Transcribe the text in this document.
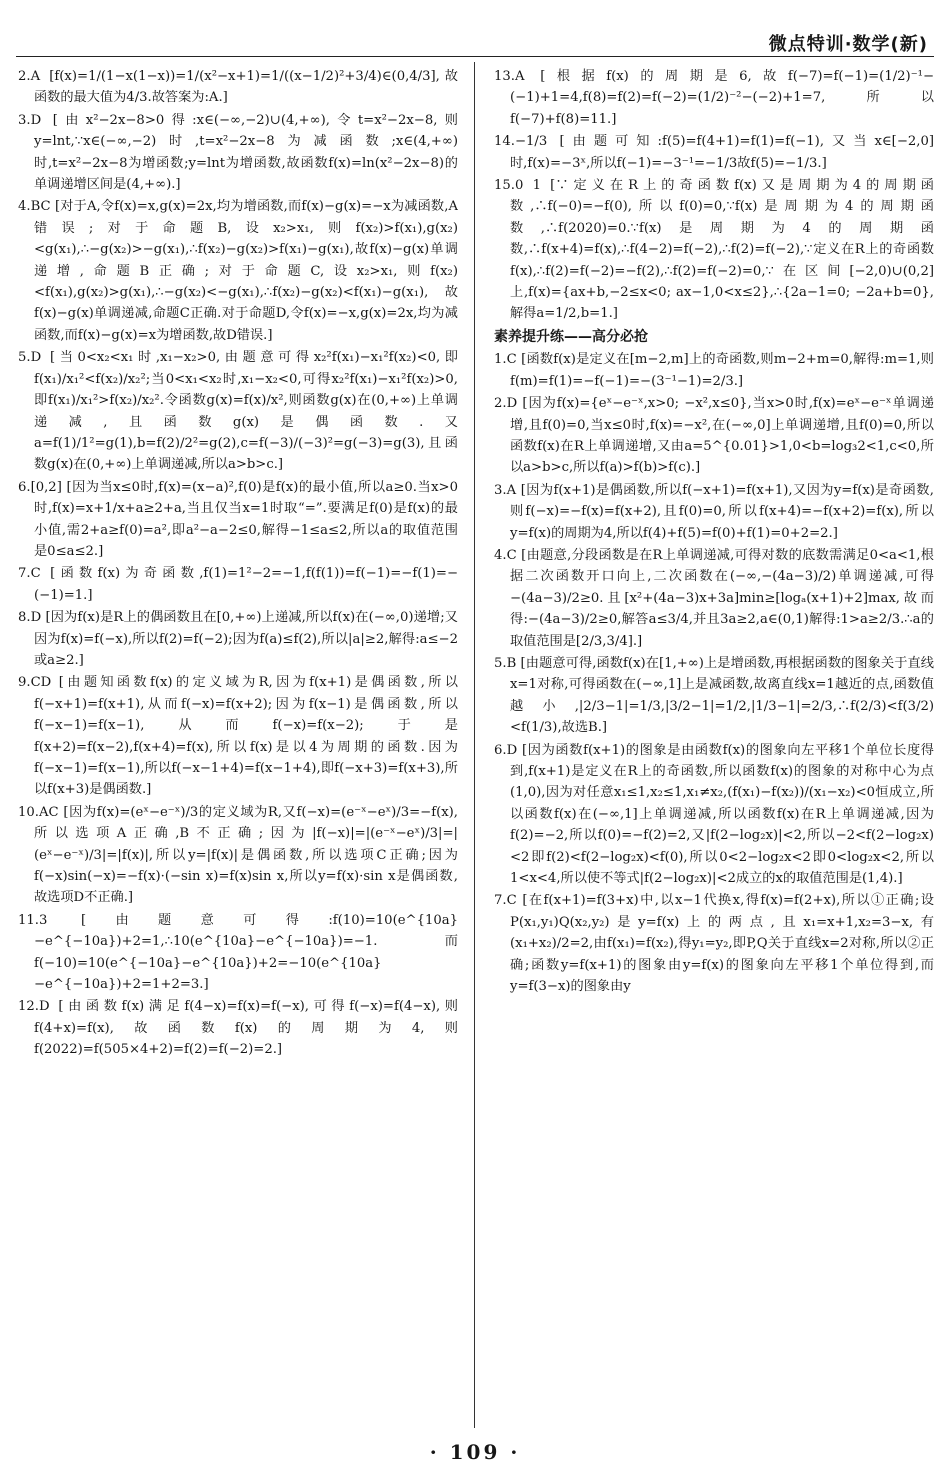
微点特训·数学(新)

2.A [f(x)=1/(1−x(1−x))=1/(x²−x+1)=1/((x−1/2)²+3/4)∈(0,4/3],故函数的最大值为4/3.故答案为:A.]

3.D [由x²−2x−8>0得:x∈(−∞,−2)∪(4,+∞),令t=x²−2x−8,则y=lnt,∵x∈(−∞,−2)时,t=x²−2x−8为减函数;x∈(4,+∞)时,t=x²−2x−8为增函数;y=lnt为增函数,故函数f(x)=ln(x²−2x−8)的单调递增区间是(4,+∞).]

4.BC [对于A,令f(x)=x,g(x)=2x,均为增函数,而f(x)−g(x)=−x为减函数,A错误;对于命题B,设x₂>x₁,则f(x₂)>f(x₁),g(x₂)<g(x₁),∴−g(x₂)>−g(x₁),∴f(x₂)−g(x₂)>f(x₁)−g(x₁),故f(x)−g(x)单调递增,命题B正确;对于命题C,设x₂>x₁,则f(x₂)<f(x₁),g(x₂)>g(x₁),∴−g(x₂)<−g(x₁),∴f(x₂)−g(x₂)<f(x₁)−g(x₁),故f(x)−g(x)单调递减,命题C正确.对于命题D,令f(x)=−x,g(x)=2x,均为减函数,而f(x)−g(x)=x为增函数,故D错误.]

5.D [当0<x₂<x₁时,x₁−x₂>0,由题意可得x₂²f(x₁)−x₁²f(x₂)<0,即f(x₁)/x₁²<f(x₂)/x₂²;当0<x₁<x₂时,x₁−x₂<0,可得x₂²f(x₁)−x₁²f(x₂)>0,即f(x₁)/x₁²>f(x₂)/x₂².令函数g(x)=f(x)/x²,则函数g(x)在(0,+∞)上单调递减,且函数g(x)是偶函数.又a=f(1)/1²=g(1),b=f(2)/2²=g(2),c=f(−3)/(−3)²=g(−3)=g(3),且函数g(x)在(0,+∞)上单调递减,所以a>b>c.]

6.[0,2] [因为当x≤0时,f(x)=(x−a)²,f(0)是f(x)的最小值,所以a≥0.当x>0时,f(x)=x+1/x+a≥2+a,当且仅当x=1时取“=”.要满足f(0)是f(x)的最小值,需2+a≥f(0)=a²,即a²−a−2≤0,解得−1≤a≤2,所以a的取值范围是0≤a≤2.]

7.C [函数f(x)为奇函数,f(1)=1²−2=−1,f(f(1))=f(−1)=−f(1)=−(−1)=1.]

8.D [因为f(x)是R上的偶函数且在[0,+∞)上递减,所以f(x)在(−∞,0)递增;又因为f(x)=f(−x),所以f(2)=f(−2);因为f(a)≤f(2),所以|a|≥2,解得:a≤−2或a≥2.]

9.CD [由题知函数f(x)的定义域为R,因为f(x+1)是偶函数,所以f(−x+1)=f(x+1),从而f(−x)=f(x+2);因为f(x−1)是偶函数,所以f(−x−1)=f(x−1),从而f(−x)=f(x−2);于是f(x+2)=f(x−2),f(x+4)=f(x),所以f(x)是以4为周期的函数.因为f(−x−1)=f(x−1),所以f(−x−1+4)=f(x−1+4),即f(−x+3)=f(x+3),所以f(x+3)是偶函数.]

10.AC [因为f(x)=(eˣ−e⁻ˣ)/3的定义域为R,又f(−x)=(e⁻ˣ−eˣ)/3=−f(x),所以选项A正确,B不正确;因为|f(−x)|=|(e⁻ˣ−eˣ)/3|=|(eˣ−e⁻ˣ)/3|=|f(x)|,所以y=|f(x)|是偶函数,所以选项C正确;因为f(−x)sin(−x)=−f(x)·(−sin x)=f(x)sin x,所以y=f(x)·sin x是偶函数,故选项D不正确.]

11.3 [由题意可得:f(10)=10(e^{10a}−e^{−10a})+2=1,∴10(e^{10a}−e^{−10a})=−1.而f(−10)=10(e^{−10a}−e^{10a})+2=−10(e^{10a}−e^{−10a})+2=1+2=3.]

12.D [由函数f(x)满足f(4−x)=f(x)=f(−x),可得f(−x)=f(4−x),则f(4+x)=f(x),故函数f(x)的周期为4,则f(2022)=f(505×4+2)=f(2)=f(−2)=2.]

13.A [根据f(x)的周期是6,故f(−7)=f(−1)=(1/2)⁻¹−(−1)+1=4,f(8)=f(2)=f(−2)=(1/2)⁻²−(−2)+1=7,所以f(−7)+f(8)=11.]

14.−1/3 [由题可知:f(5)=f(4+1)=f(1)=f(−1),又当x∈[−2,0]时,f(x)=−3ˣ,所以f(−1)=−3⁻¹=−1/3故f(5)=−1/3.]

15.0 1 [∵定义在R上的奇函数f(x)又是周期为4的周期函数,∴f(−0)=−f(0),所以f(0)=0,∵f(x)是周期为4的周期函数,∴f(2020)=0.∵f(x)是周期为4的周期函数,∴f(x+4)=f(x),∴f(4−2)=f(−2),∴f(2)=f(−2),∵定义在R上的奇函数f(x),∴f(2)=f(−2)=−f(2),∴f(2)=f(−2)=0,∵在区间[−2,0)∪(0,2]上,f(x)={ax+b,−2≤x<0; ax−1,0<x≤2},∴{2a−1=0; −2a+b=0},解得a=1/2,b=1.]

素养提升练——高分必抢

1.C [函数f(x)是定义在[m−2,m]上的奇函数,则m−2+m=0,解得:m=1,则f(m)=f(1)=−f(−1)=−(3⁻¹−1)=2/3.]

2.D [因为f(x)={eˣ−e⁻ˣ,x>0; −x²,x≤0},当x>0时,f(x)=eˣ−e⁻ˣ单调递增,且f(0)=0,当x≤0时,f(x)=−x²,在(−∞,0]上单调递增,且f(0)=0,所以函数f(x)在R上单调递增,又由a=5^{0.01}>1,0<b=log₃2<1,c<0,所以a>b>c,所以f(a)>f(b)>f(c).]

3.A [因为f(x+1)是偶函数,所以f(−x+1)=f(x+1),又因为y=f(x)是奇函数,则f(−x)=−f(x)=f(x+2),且f(0)=0,所以f(x+4)=−f(x+2)=f(x),所以y=f(x)的周期为4,所以f(4)+f(5)=f(0)+f(1)=0+2=2.]

4.C [由题意,分段函数是在R上单调递减,可得对数的底数需满足0<a<1,根据二次函数开口向上,二次函数在(−∞,−(4a−3)/2)单调递减,可得−(4a−3)/2≥0.且[x²+(4a−3)x+3a]min≥[logₐ(x+1)+2]max,故而得:−(4a−3)/2≥0,解答a≤3/4,并且3a≥2,a∈(0,1)解得:1>a≥2/3.∴a的取值范围是[2/3,3/4].]

5.B [由题意可得,函数f(x)在[1,+∞)上是增函数,再根据函数的图象关于直线x=1对称,可得函数在(−∞,1]上是减函数,故离直线x=1越近的点,函数值越小,|2/3−1|=1/3,|3/2−1|=1/2,|1/3−1|=2/3,∴f(2/3)<f(3/2)<f(1/3),故选B.]

6.D [因为函数f(x+1)的图象是由函数f(x)的图象向左平移1个单位长度得到,f(x+1)是定义在R上的奇函数,所以函数f(x)的图象的对称中心为点(1,0),因为对任意x₁≤1,x₂≤1,x₁≠x₂,(f(x₁)−f(x₂))/(x₁−x₂)<0恒成立,所以函数f(x)在(−∞,1]上单调递减,所以函数f(x)在R上单调递减,因为f(2)=−2,所以f(0)=−f(2)=2,又|f(2−log₂x)|<2,所以−2<f(2−log₂x)<2即f(2)<f(2−log₂x)<f(0),所以0<2−log₂x<2即0<log₂x<2,所以1<x<4,所以使不等式|f(2−log₂x)|<2成立的x的取值范围是(1,4).]

7.C [在f(x+1)=f(3+x)中,以x−1代换x,得f(x)=f(2+x),所以①正确;设P(x₁,y₁)Q(x₂,y₂)是y=f(x)上的两点,且x₁=x+1,x₂=3−x,有(x₁+x₂)/2=2,由f(x₁)=f(x₂),得y₁=y₂,即P,Q关于直线x=2对称,所以②正确;函数y=f(x+1)的图象由y=f(x)的图象向左平移1个单位得到,而y=f(3−x)的图象由y

· 109 ·
